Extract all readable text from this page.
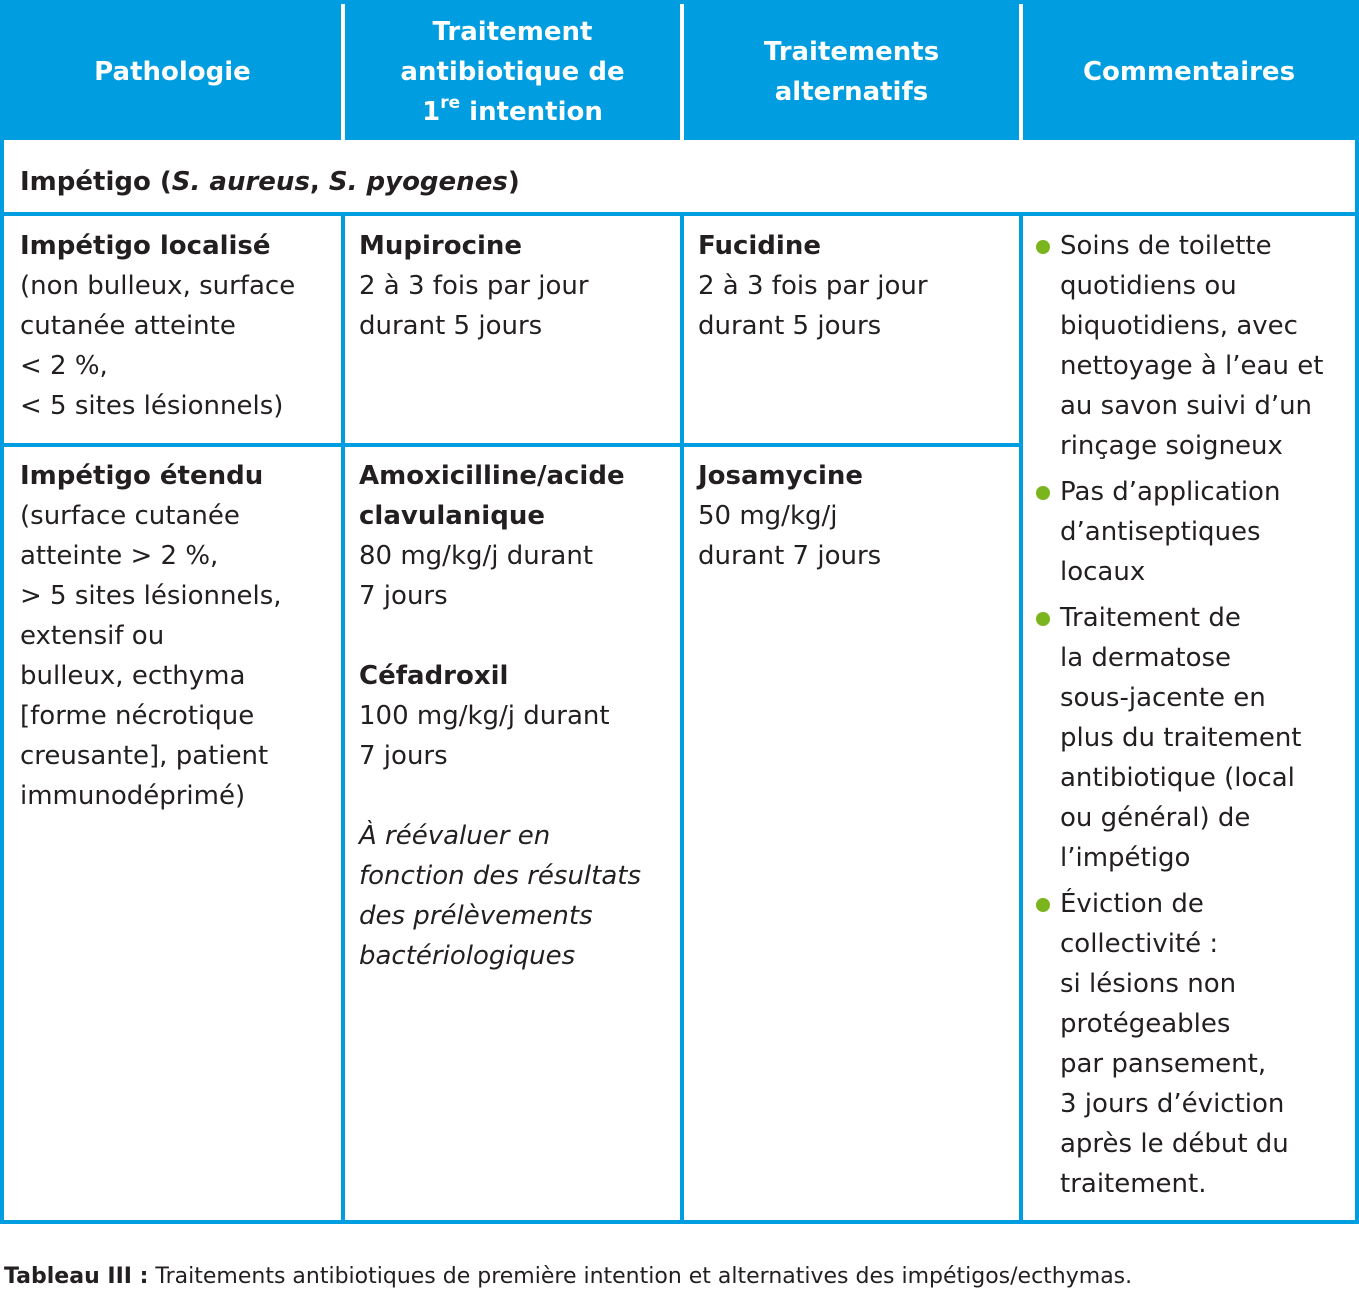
Pathologie
Traitement
antibiotique de
1re intention
Traitements
alternatifs
Commentaires
Impétigo (S. aureus, S. pyogenes)
Impétigo localisé
(non bulleux, surface
cutanée atteinte
< 2 %,
< 5 sites lésionnels)
Mupirocine
2 à 3 fois par jour
durant 5 jours
Fucidine
2 à 3 fois par jour
durant 5 jours
Impétigo étendu
(surface cutanée
atteinte > 2 %,
> 5 sites lésionnels,
extensif ou
bulleux, ecthyma
[forme nécrotique
creusante], patient
immunodéprimé)
Amoxicilline/acide
clavulanique
80 mg/kg/j durant
7 jours
Céfadroxil
100 mg/kg/j durant
7 jours
À réévaluer en
fonction des résultats
des prélèvements
bactériologiques
Josamycine
50 mg/kg/j
durant 7 jours
Soins de toilette
quotidiens ou
biquotidiens, avec
nettoyage à l’eau et
au savon suivi d’un
rinçage soigneux
Pas d’application
d’antiseptiques
locaux
Traitement de
la dermatose
sous-jacente en
plus du traitement
antibiotique (local
ou général) de
l’impétigo
Éviction de
collectivité :
si lésions non
protégeables
par pansement,
3 jours d’éviction
après le début du
traitement.
Tableau III : Traitements antibiotiques de première intention et alternatives des impétigos/ecthymas.
